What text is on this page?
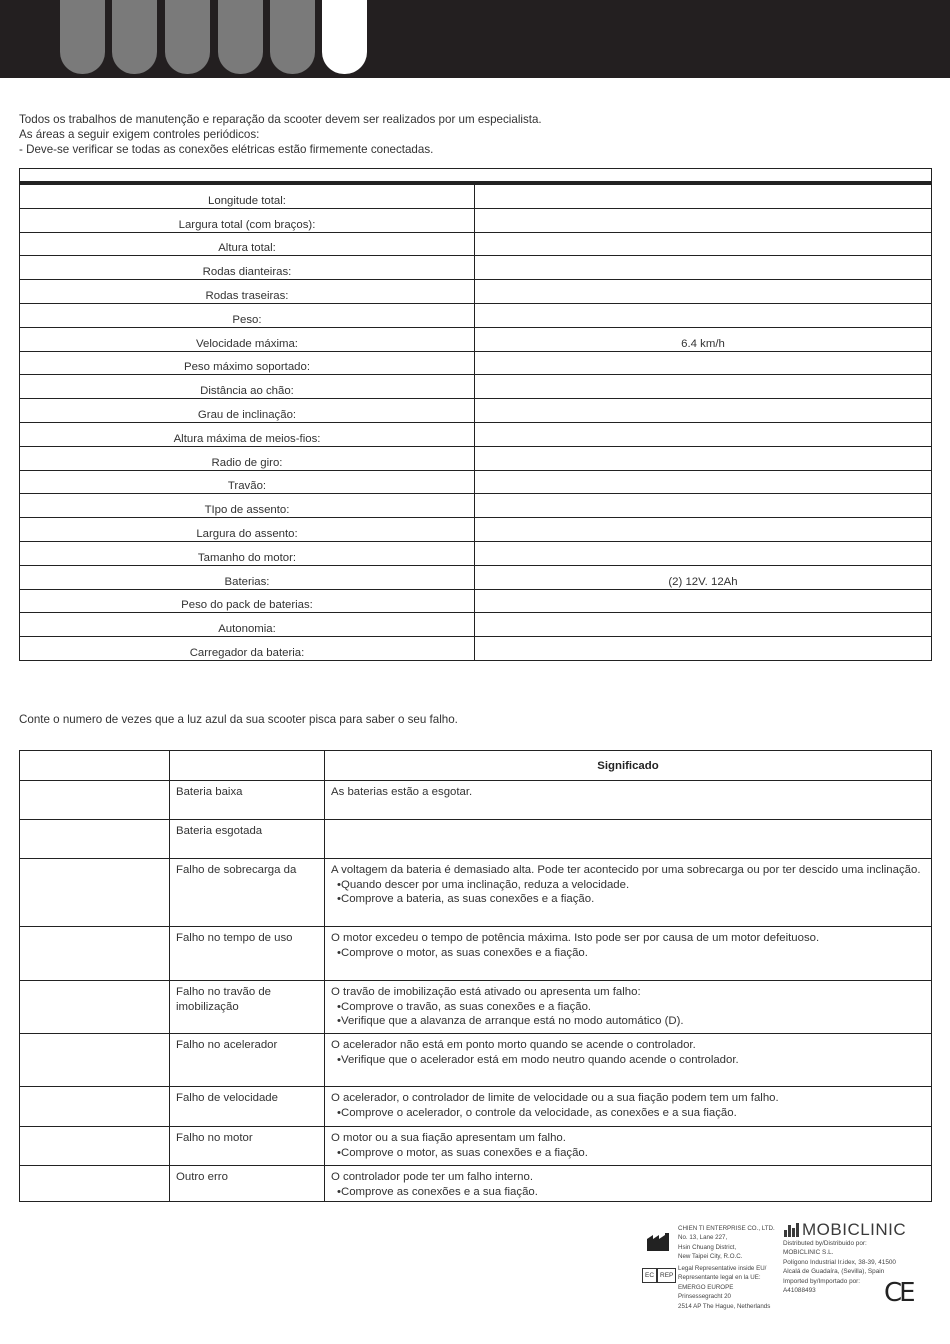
Todos os trabalhos de manutenção e reparação da scooter devem ser realizados por um especialista.
As áreas a seguir exigem controles periódicos:
- Deve-se verificar se todas as conexões elétricas estão firmemente conectadas.
Longitude total:	
Largura total (com braços):	
Altura total:	
Rodas dianteiras:	
Rodas traseiras:	
Peso:	
Velocidade máxima:	6.4 km/h
Peso máximo soportado:	
Distância ao chão:	
Grau de inclinação:	
Altura máxima de meios-fios:	
Radio de giro:	
Travão:	
TIpo de assento:	
Largura do assento:	
Tamanho do motor:	
Baterias:	(2) 12V. 12Ah
Peso do pack de baterias:	
Autonomia:	
Carregador da bateria:	
Conte o numero de vezes que a luz azul da sua scooter pisca para saber o seu falho.
		Significado
	Bateria baixa	As baterias estão a esgotar.

	Bateria esgotada	
	Falho de sobrecarga da	A voltagem da bateria é demasiado alta. Pode ter acontecido por uma sobrecarga ou por ter descido uma inclinação.
• Quando descer por uma inclinação, reduza a velocidade.
• Comprove a bateria, as suas conexões e a fiação.

	Falho no tempo de uso	O motor excedeu o tempo de potência máxima. Isto pode ser por causa de um motor defeituoso.
• Comprove o motor, as suas conexões e a fiação.

	Falho no travão de imobilização	O travão de imobilização está ativado ou apresenta um falho:
• Comprove o travão, as suas conexões e a fiação.
• Verifique que a alavanza de arranque está no modo automático (D).

	Falho no acelerador	O acelerador não está em ponto morto quando se acende o controlador.
• Verifique que o acelerador está em modo neutro quando acende o controlador.

	Falho de velocidade	O acelerador, o controlador de limite de velocidade ou a sua fiação podem tem um falho.
• Comprove o acelerador, o controle da velocidade, as conexões e a sua fiação.

	Falho no motor	O motor ou a sua fiação apresentam um falho.
• Comprove o motor, as suas conexões e a fiação.

	Outro erro	O controlador pode ter um falho interno.
• Comprove as conexões e a sua fiação.
CHIEN TI ENTERPRISE CO., LTD.
No. 13, Lane 227,
Hsin Chuang District,
New Taipei City, R.O.C.
EC REP
Legal Representative inside EU/
Representante legal en la UE:
EMERGO EUROPE
Prinsessegracht 20
2514 AP The Hague, Netherlands
MOBICLINIC
Distributed by/Distribuido por:
MOBICLINIC S.L.
Polígono Industrial Ir.idex, 38-39, 41500
Alcalá de Guadaíra, (Sevilla), Spain
Imported by/Importado por:
A41088493	CE
